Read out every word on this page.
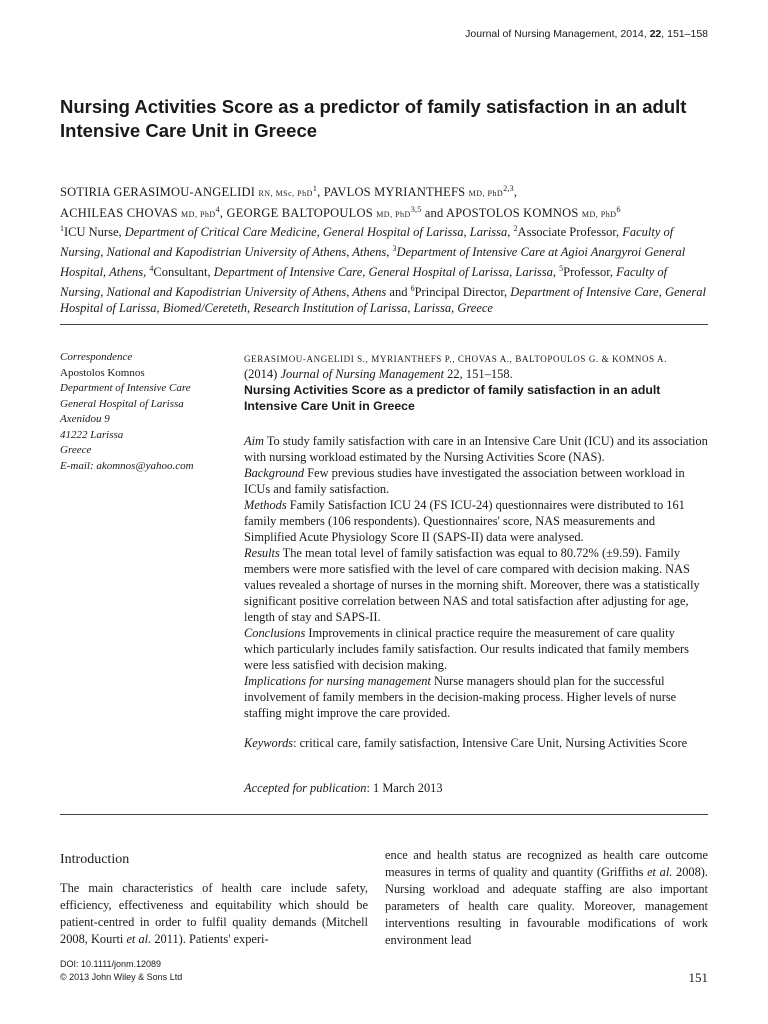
Journal of Nursing Management, 2014, 22, 151–158
Nursing Activities Score as a predictor of family satisfaction in an adult Intensive Care Unit in Greece
SOTIRIA GERASIMOU-ANGELIDI RN, MSc, PhD$^1$, PAVLOS MYRIANTHEFS MD, PhD$^{2,3}$,
ACHILEAS CHOVAS MD, PhD$^4$, GEORGE BALTOPOULOS MD, PhD$^{3,5}$ and APOSTOLOS KOMNOS MD, PhD$^6$
$^1$ICU Nurse, Department of Critical Care Medicine, General Hospital of Larissa, Larissa, $^2$Associate Professor, Faculty of Nursing, National and Kapodistrian University of Athens, Athens, $^3$Department of Intensive Care at Agioi Anargyroi General Hospital, Athens, $^4$Consultant, Department of Intensive Care, General Hospital of Larissa, Larissa, $^5$Professor, Faculty of Nursing, National and Kapodistrian University of Athens, Athens and $^6$Principal Director, Department of Intensive Care, General Hospital of Larissa, Biomed/Cereteth, Research Institution of Larissa, Larissa, Greece
Correspondence
Apostolos Komnos
Department of Intensive Care
General Hospital of Larissa
Axenidou 9
41222 Larissa
Greece
E-mail: akomnos@yahoo.com
GERASIMOU-ANGELIDI S., MYRIANTHEFS P., CHOVAS A., BALTOPOULOS G. & KOMNOS A.
(2014) Journal of Nursing Management 22, 151–158.
Nursing Activities Score as a predictor of family satisfaction in an adult Intensive Care Unit in Greece
Aim To study family satisfaction with care in an Intensive Care Unit (ICU) and its association with nursing workload estimated by the Nursing Activities Score (NAS).
Background Few previous studies have investigated the association between workload in ICUs and family satisfaction.
Methods Family Satisfaction ICU 24 (FS ICU-24) questionnaires were distributed to 161 family members (106 respondents). Questionnaires' score, NAS measurements and Simplified Acute Physiology Score II (SAPS-II) data were analysed.
Results The mean total level of family satisfaction was equal to 80.72% (±9.59). Family members were more satisfied with the level of care compared with decision making. NAS values revealed a shortage of nurses in the morning shift. Moreover, there was a statistically significant positive correlation between NAS and total satisfaction after adjusting for age, length of stay and SAPS-II.
Conclusions Improvements in clinical practice require the measurement of care quality which particularly includes family satisfaction. Our results indicated that family members were less satisfied with decision making.
Implications for nursing management Nurse managers should plan for the successful involvement of family members in the decision-making process. Higher levels of nurse staffing might improve the care provided.
Keywords: critical care, family satisfaction, Intensive Care Unit, Nursing Activities Score
Accepted for publication: 1 March 2013
Introduction
The main characteristics of health care include safety, efficiency, effectiveness and equitability which should be patient-centred in order to fulfil quality demands (Mitchell 2008, Kourti et al. 2011). Patients' experi-
ence and health status are recognized as health care outcome measures in terms of quality and quantity (Griffiths et al. 2008). Nursing workload and adequate staffing are also important parameters of health care quality. Moreover, management interventions resulting in favourable modifications of work environment lead
DOI: 10.1111/jonm.12089
© 2013 John Wiley & Sons Ltd	151
